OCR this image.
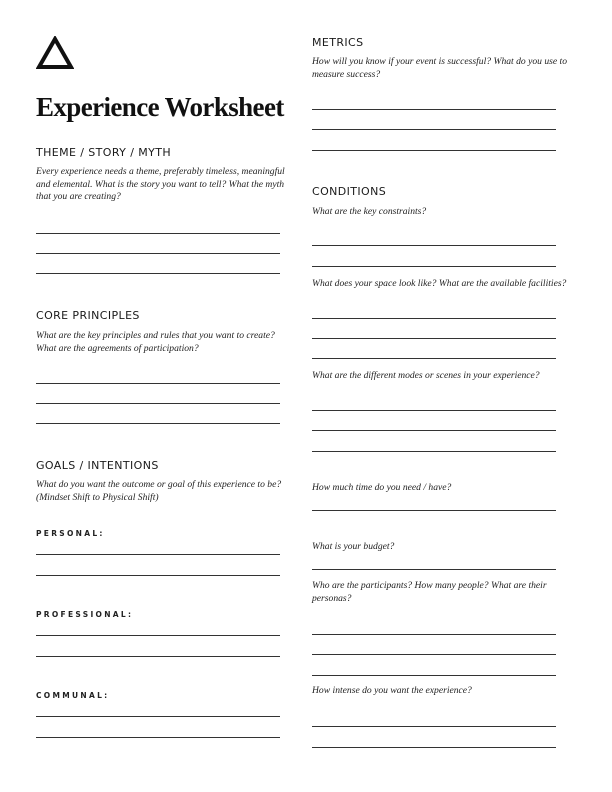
Experience Worksheet
THEME / STORY / MYTH
Every experience needs a theme, preferably timeless, meaningful
and elemental. What is the story you want to tell? What the myth
that you are creating?
CORE PRINCIPLES
What are the key principles and rules that you want to create?
What are the agreements of participation?
GOALS / INTENTIONS
What do you want the outcome or goal of this experience to be?
(Mindset Shift to Physical Shift)
PERSONAL:
PROFESSIONAL:
COMMUNAL:
METRICS
How will you know if your event is successful? What do you use to
measure success?
CONDITIONS
What are the key constraints?
What does your space look like? What are the available facilities?
What are the different modes or scenes in your experience?
How much time do you need / have?
What is your budget?
Who are the participants? How many people? What are their
personas?
How intense do you want the experience?
